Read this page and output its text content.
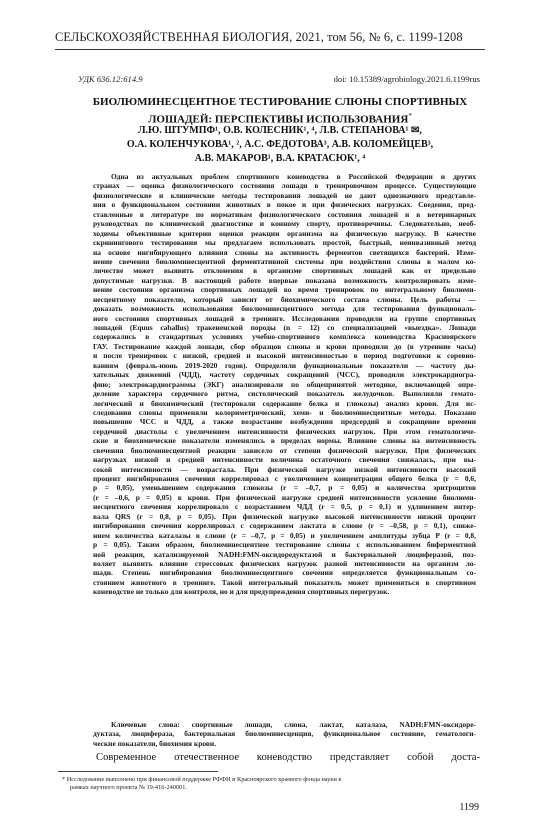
СЕЛЬСКОХОЗЯЙСТВЕННАЯ БИОЛОГИЯ, 2021, том 56, № 6, с. 1199-1208
УДК 636.12:614.9	doi: 10.15389/agrobiology.2021.6.1199rus
БИОЛЮМИНЕСЦЕНТНОЕ ТЕСТИРОВАНИЕ СЛЮНЫ СПОРТИВНЫХ
ЛОШАДЕЙ: ПЕРСПЕКТИВЫ ИСПОЛЬЗОВАНИЯ*
Л.Ю. ШТУМПФ¹, О.В. КОЛЕСНИК¹, ⁴, Л.В. СТЕПАНОВА¹ ✉,
О.А. КОЛЕНЧУКОВА¹, ², А.С. ФЕДОТОВА³, А.В. КОЛОМЕЙЦЕВ³,
А.В. МАКАРОВ¹, В.А. КРАТАСЮК¹, ⁴
Одна из актуальных проблем спортивного коневодства в Российской Федерации и других
странах — оценка физиологического состояния лошади в тренировочном процессе. Существующие
физиологические и клинические методы тестирования лошадей не дают однозначного представле-
ния о функциональном состоянии животных в покое и при физических нагрузках. Сведения, пред-
ставленные в литературе по нормативам физиологического состояния лошадей и в ветеринарных
руководствах по клинической диагностике и конному спорту, противоречивы. Следовательно, необ-
ходимы объективные критерии оценки реакции организма на физическую нагрузку. В качестве
скринингового тестирования мы предлагаем использовать простой, быстрый, неинвазивный метод
на основе ингибирующего влияния слюны на активность ферментов светящихся бактерий. Изме-
нение свечения биолюминесцентной ферментативной системы при воздействии слюны в малом ко-
личестве может выявить отклонения в организме спортивных лошадей как от предельно
допустимые нагрузки. В настоящей работе впервые показана возможность контролировать изме-
нение состояния организма спортивных лошадей во время тренировок по интегральному биолюми-
несцентному показателю, который зависит от биохимического состава слюны. Цель работы —
доказать возможность использования биолюминесцентного метода для тестирования функциональ-
ного состояния спортивных лошадей в тренинге. Исследования проводили на группе спортивных
лошадей (Equus caballus) тракененской породы (n = 12) со специализацией «выездка». Лошади
содержались в стандартных условиях учебно-спортивного комплекса коневодства Красноярского
ГАУ. Тестирование каждой лошади, сбор образцов слюны и крови проводили до (в утренние часы)
и после тренировок с низкой, средней и высокой интенсивностью в период подготовки к соревно-
ваниям (февраль-июнь 2019-2020 годов). Определяли функциональные показатели — частоту ды-
хательных движений (ЧДД), частоту сердечных сокращений (ЧСС), проводили электрокардиогра-
фию; электрокардиограммы (ЭКГ) анализировали по общепринятой методике, включающей опре-
деление характера сердечного ритма, систолический показатель желудочков. Выполняли гемато-
логический и биохимический (тестировали содержание белка и глюкозы) анализ крови. Для ис-
следования слюны применяли колориметрический, хеми- и биолюминесцентные методы. Показано
повышение ЧСС и ЧДД, а также возрастание возбуждения предсердий и сокращение времени
сердечной диастолы с увеличением интенсивности физических нагрузок. При этом гематологиче-
ские и биохимические показатели изменялись в пределах нормы. Влияние слюны на интенсивность
свечения биолюминесцентной реакции зависело от степени физической нагрузки. При физических
нагрузках низкой и средней интенсивности величина остаточного свечения снижалась, при вы-
сокой интенсивности — возрастала. При физической нагрузке низкой интенсивности высокий
процент ингибирования свечения коррелировал с увеличением концентрации общего белка (r = 0,6,
p = 0,05), уменьшением содержания глюкозы (r = –0,7, p = 0,05) и количества эритроцитов
(r = –0,6, p = 0,05) в крови. При физической нагрузке средней интенсивности усиление биолюми-
несцентного свечения коррелировало с возрастанием ЧДД (r = 0,5, p = 0,1) и удлинением интер-
вала QRS (r = 0,8, p = 0,05). При физической нагрузке высокой интенсивности низкий процент
ингибирования свечения коррелировал с содержанием лактата в слюне (r = –0,58, p = 0,1), сниже-
нием количества каталазы в слюне (r = –0,7, p = 0,05) и увеличением амплитуды зубца P (r = 0,8,
p = 0,05). Таким образом, биолюминесцентное тестирование слюны с использованием биферментной
ной реакции, катализируемой NADH:FMN-оксидоредуктазой и бактериальной люциферазой, поз-
воляет выявить влияние стрессовых физических нагрузок разной интенсивности на организм ло-
шади. Степень ингибирования биолюминесцентного свечения определяется функциональным со-
стоянием животного в тренинге. Такой интегральный показатель может применяться в спортивном
коневодстве не только для контроля, но и для предупреждения спортивных перегрузок.
Ключевые слова: спортивные лошади, слюна, лактат, каталаза, NADH:FMN-оксидоре-
дуктаза, люцифераза, бактериальная биолюминесценция, функциональное состояние, гематологи-
ческие показатели, биохимия крови.
Современное отечественное коневодство представляет собой доста-
* Исследование выполнено при финансовой поддержке РФФИ и Красноярского краевого фонда науки в
рамках научного проекта № 19-416-240001.
1199
